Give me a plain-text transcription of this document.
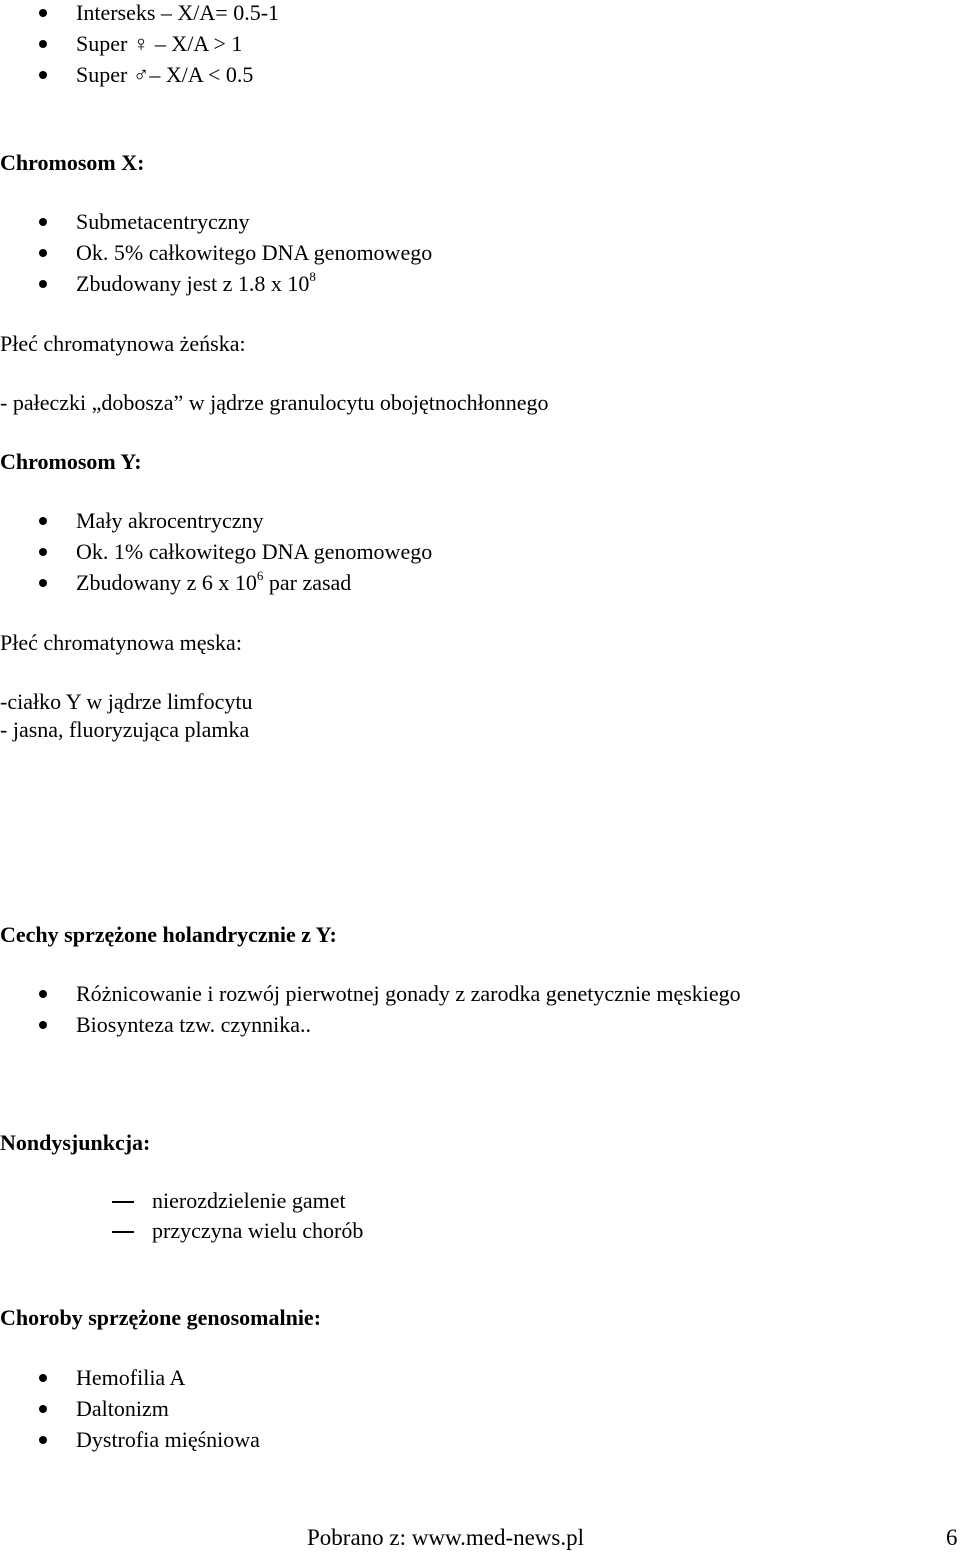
Interseks – X/A= 0.5-1
Super ♀ – X/A > 1
Super ♂– X/A < 0.5
Chromosom X:
Submetacentryczny
Ok. 5% całkowitego DNA genomowego
Zbudowany jest z 1.8 x $10^8$
Płeć chromatynowa żeńska:
- pałeczki „dobosza” w jądrze granulocytu obojętnochłonnego
Chromosom Y:
Mały akrocentryczny
Ok. 1% całkowitego DNA genomowego
Zbudowany z 6 x $10^6$ par zasad
Płeć chromatynowa męska:
-ciałko Y w jądrze limfocytu
- jasna, fluoryzująca plamka
Cechy sprzężone holandrycznie z Y:
Różnicowanie i rozwój pierwotnej gonady z zarodka genetycznie męskiego
Biosynteza tzw. czynnika..
Nondysjunkcja:
nierozdzielenie gamet
przyczyna wielu chorób
Choroby sprzężone genosomalnie:
Hemofilia A
Daltonizm
Dystrofia mięśniowa
Pobrano z: www.med-news.pl	6
